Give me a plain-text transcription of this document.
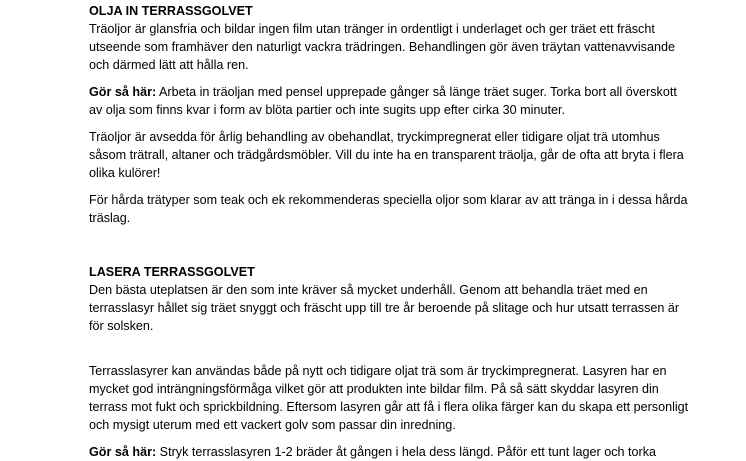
OLJA IN TERRASSGOLVET

Träoljor är glansfria och bildar ingen film utan tränger in ordentligt i underlaget och ger träet ett fräscht utseende som framhäver den naturligt vackra trädringen. Behandlingen gör även träytan vattenavvisande och därmed lätt att hålla ren.

Gör så här: Arbeta in träoljan med pensel upprepade gånger så länge träet suger. Torka bort all överskott av olja som finns kvar i form av blöta partier och inte sugits upp efter cirka 30 minuter.

Träoljor är avsedda för årlig behandling av obehandlat, tryckimpregnerat eller tidigare oljat trä utomhus såsom trätrall, altaner och trädgårdsmöbler. Vill du inte ha en transparent träolja, går de ofta att bryta i flera olika kulörer!

För hårda trätyper som teak och ek rekommenderas speciella oljor som klarar av att tränga in i dessa hårda träslag.

LASERA TERRASSGOLVET

Den bästa uteplatsen är den som inte kräver så mycket underhåll. Genom att behandla träet med en terrasslasyr hållet sig träet snyggt och fräscht upp till tre år beroende på slitage och hur utsatt terrassen är för solsken.

Terrasslasyrer kan användas både på nytt och tidigare oljat trä som är tryckimpregnerat. Lasyren har en mycket god inträngningsförmåga vilket gör att produkten inte bildar film. På så sätt skyddar lasyren din terrass mot fukt och sprickbildning. Eftersom lasyren går att få i flera olika färger kan du skapa ett personligt och mysigt uterum med ett vackert golv som passar din inredning.

Gör så här: Stryk terrasslasyren 1-2 bräder åt gången i hela dess längd. Påför ett tunt lager och torka
